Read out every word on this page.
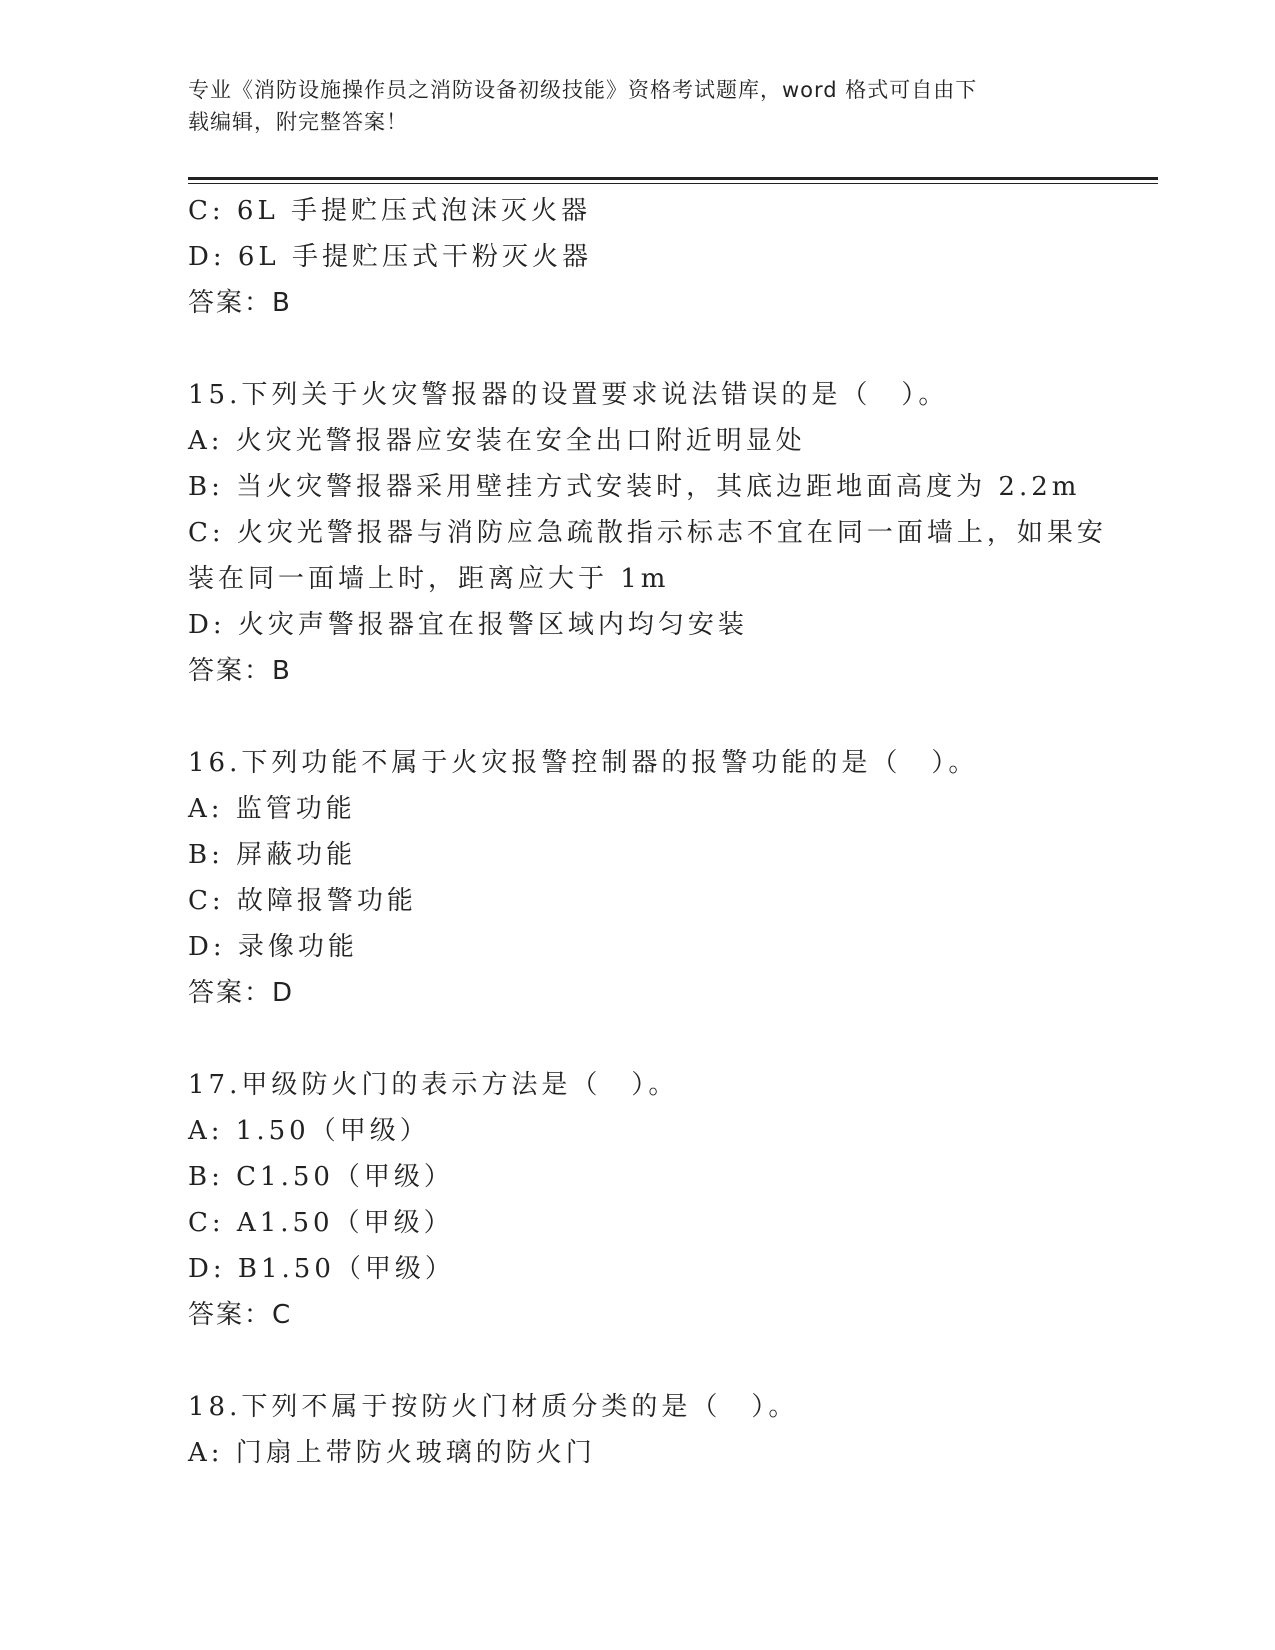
专业《消防设施操作员之消防设备初级技能》资格考试题库，word 格式可自由下
载编辑，附完整答案！
C: 6L 手提贮压式泡沫灭火器
D: 6L 手提贮压式干粉灭火器
答案：B
15.下列关于火灾警报器的设置要求说法错误的是（　）。
A: 火灾光警报器应安装在安全出口附近明显处
B: 当火灾警报器采用壁挂方式安装时，其底边距地面高度为 2.2m
C: 火灾光警报器与消防应急疏散指示标志不宜在同一面墙上，如果安
装在同一面墙上时，距离应大于 1m
D: 火灾声警报器宜在报警区域内均匀安装
答案：B
16.下列功能不属于火灾报警控制器的报警功能的是（　）。
A: 监管功能
B: 屏蔽功能
C: 故障报警功能
D: 录像功能
答案：D
17.甲级防火门的表示方法是（　）。
A: 1.50（甲级）
B: C1.50（甲级）
C: A1.50（甲级）
D: B1.50（甲级）
答案：C
18.下列不属于按防火门材质分类的是（　）。
A: 门扇上带防火玻璃的防火门
